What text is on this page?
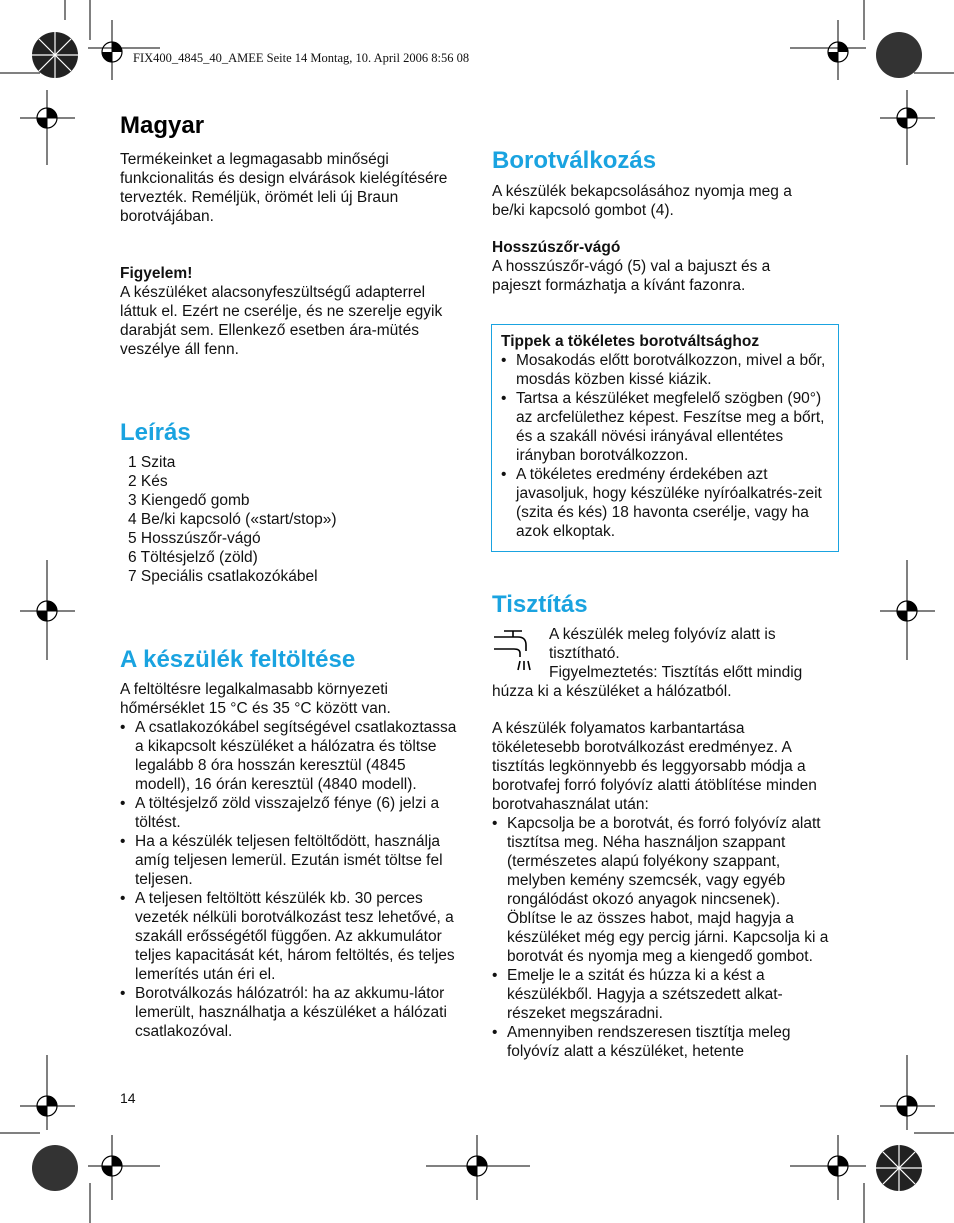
FIX400_4845_40_AMEE Seite 14 Montag, 10. April 2006 8:56 08
Magyar

Termékeinket a legmagasabb minőségi funkcionalitás és design elvárások kielégítésére tervezték. Reméljük, örömét leli új Braun borotvájában.

Figyelem!

A készüléket alacsonyfeszültségű adapterrel láttuk el. Ezért ne cserélje, és ne szerelje egyik darabját sem. Ellenkező esetben ára-mütés veszélye áll fenn.

Leírás
1 Szita
2 Kés
3 Kiengedő gomb
4 Be/ki kapcsoló («start/stop»)
5 Hosszúszőr-vágó
6 Töltésjelző (zöld)
7 Speciális csatlakozókábel
A készülék feltöltése

A feltöltésre legalkalmasabb környezeti hőmérséklet 15 °C és 35 °C között van.

• A csatlakozókábel segítségével csatlakoztassa a kikapcsolt készüléket a hálózatra és töltse legalább 8 óra hosszán keresztül (4845 modell), 16 órán keresztül (4840 modell).
• A töltésjelző zöld visszajelző fénye (6) jelzi a töltést.
• Ha a készülék teljesen feltöltődött, használja amíg teljesen lemerül. Ezután ismét töltse fel teljesen.
• A teljesen feltöltött készülék kb. 30 perces vezeték nélküli borotválkozást tesz lehetővé, a szakáll erősségétől függően. Az akkumulátor teljes kapacitását két, három feltöltés, és teljes lemerítés után éri el.
• Borotválkozás hálózatról: ha az akkumu-látor lemerült, használhatja a készüléket a hálózati csatlakozóval.
14
Borotválkozás

A készülék bekapcsolásához nyomja meg a be/ki kapcsoló gombot (4).

Hosszúszőr-vágó

A hosszúszőr-vágó (5) val a bajuszt és a pajeszt formázhatja a kívánt fazonra.

Tippek a tökéletes borotváltsághoz
• Mosakodás előtt borotválkozzon, mivel a bőr, mosdás közben kissé kiázik.
• Tartsa a készüléket megfelelő szögben (90°) az arcfelülethez képest. Feszítse meg a bőrt, és a szakáll növési irányával ellentétes irányban borotválkozzon.
• A tökéletes eredmény érdekében azt javasoljuk, hogy készüléke nyíróalkatrés-zeit (szita és kés) 18 havonta cserélje, vagy ha azok elkoptak.
Tisztítás

A készülék meleg folyóvíz alatt is tisztítható.

Figyelmeztetés: Tisztítás előtt mindig húzza ki a készüléket a hálózatból.

A készülék folyamatos karbantartása tökéletesebb borotválkozást eredményez. A tisztítás legkönnyebb és leggyorsabb módja a borotvafej forró folyóvíz alatti átöblítése minden borotvahasználat után:

• Kapcsolja be a borotvát, és forró folyóvíz alatt tisztítsa meg. Néha használjon szappant (természetes alapú folyékony szappant, melyben kemény szemcsék, vagy egyéb rongálódást okozó anyagok nincsenek). Öblítse le az összes habot, majd hagyja a készüléket még egy percig járni. Kapcsolja ki a borotvát és nyomja meg a kiengedő gombot.
• Emelje le a szitát és húzza ki a kést a készülékből. Hagyja a szétszedett alkat-részeket megszáradni.
• Amennyiben rendszeresen tisztítja meleg folyóvíz alatt a készüléket, hetente
